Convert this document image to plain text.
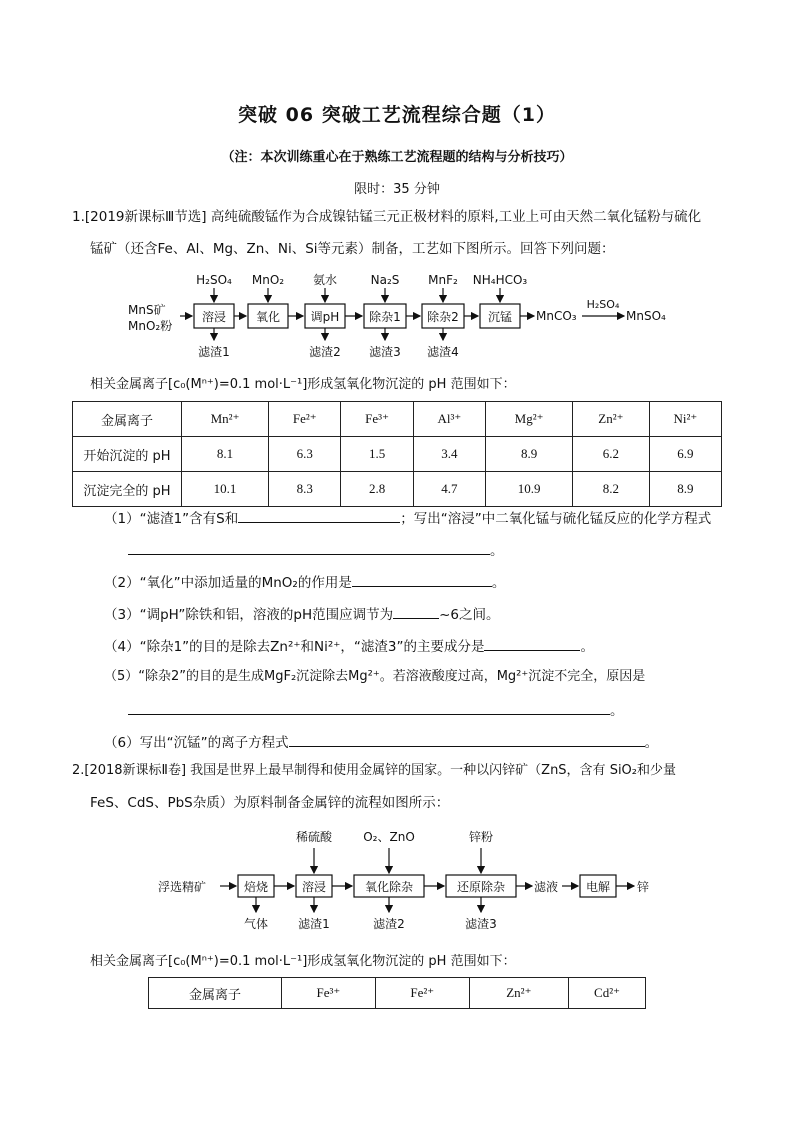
突破 06 突破工艺流程综合题（1）
（注：本次训练重心在于熟练工艺流程题的结构与分析技巧）
限时：35 分钟
1.[2019新课标Ⅲ节选] 高纯硫酸锰作为合成镍钴锰三元正极材料的原料,工业上可由天然二氧化锰粉与硫化
锰矿（还含Fe、Al、Mg、Zn、Ni、Si等元素）制备，工艺如下图所示。回答下列问题：
MnS矿
MnO₂粉
溶浸 氧化	调pH 除杂1 除杂2 沉锰
H₂SO₄ MnO₂ 氨水	Na₂S MnF₂ NH₄HCO₃
滤渣1	滤渣2 滤渣3 滤渣4
MnCO₃
H₂SO₄
MnSO₄
相关金属离子[c₀(Mⁿ⁺)=0.1 mol·L⁻¹]形成氢氧化物沉淀的 pH 范围如下：
金属离子	Mn²⁺	Fe²⁺	Fe³⁺	Al³⁺	Mg²⁺	Zn²⁺	Ni²⁺
开始沉淀的 pH	8.1	6.3	1.5	3.4	8.9	6.2	6.9
沉淀完全的 pH	10.1	8.3	2.8	4.7	10.9	8.2	8.9
（1）“滤渣1”含有S和	；写出“溶浸”中二氧化锰与硫化锰反应的化学方程式
。
（2）“氧化”中添加适量的MnO₂的作用是	。
（3）“调pH”除铁和铝，溶液的pH范围应调节为	~6之间。
（4）“除杂1”的目的是除去Zn²⁺和Ni²⁺，“滤渣3”的主要成分是	。
（5）“除杂2”的目的是生成MgF₂沉淀除去Mg²⁺。若溶液酸度过高，Mg²⁺沉淀不完全，原因是
。
（6）写出“沉锰”的离子方程式	。
2.[2018新课标Ⅱ卷] 我国是世界上最早制得和使用金属锌的国家。一种以闪锌矿（ZnS，含有 SiO₂和少量
FeS、CdS、PbS杂质）为原料制备金属锌的流程如图所示：
浮选精矿	焙烧	溶浸	氧化除杂	还原除杂	电解
滤液	锌
稀硫酸	O₂、ZnO	锌粉
气体	滤渣1	滤渣2	滤渣3
相关金属离子[c₀(Mⁿ⁺)=0.1 mol·L⁻¹]形成氢氧化物沉淀的 pH 范围如下：
金属离子	Fe³⁺	Fe²⁺	Zn²⁺	Cd²⁺
